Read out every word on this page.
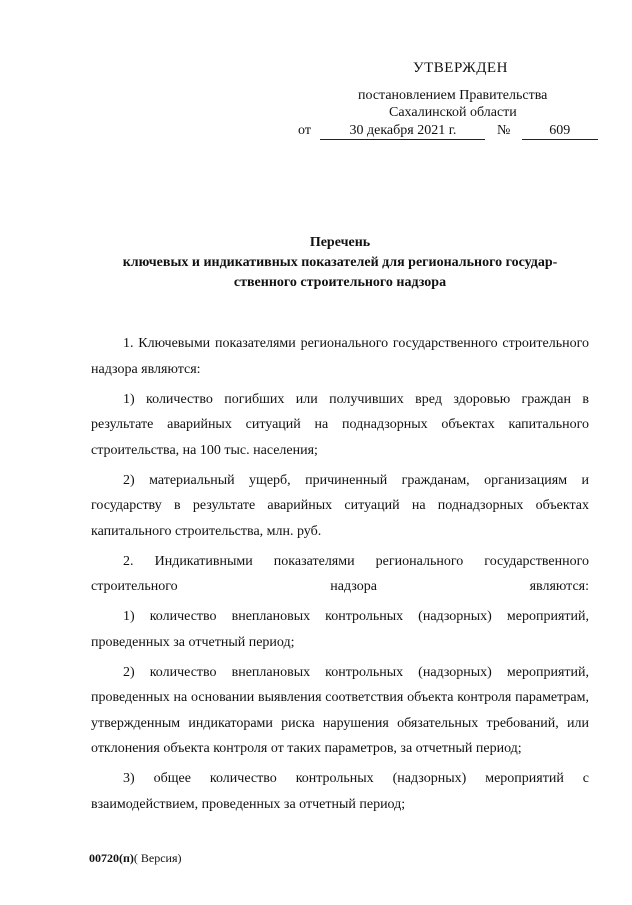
УТВЕРЖДЕН
постановлением Правительства
Сахалинской области
от	30 декабря 2021 г.	№	609
Перечень
ключевых и индикативных показателей для регионального государ-
ственного строительного надзора

1. Ключевыми показателями регионального государственного строительного надзора являются:

1) количество погибших или получивших вред здоровью граждан в результате аварийных ситуаций на поднадзорных объектах капитального строительства, на 100 тыс. населения;

2) материальный ущерб, причиненный гражданам, организациям и государству в результате аварийных ситуаций на поднадзорных объектах капитального строительства, млн. руб.

2. Индикативными показателями регионального государственного строительного надзора являются:

1) количество внеплановых контрольных (надзорных) мероприятий, проведенных за отчетный период;

2) количество внеплановых контрольных (надзорных) мероприятий, проведенных на основании выявления соответствия объекта контроля параметрам, утвержденным индикаторами риска нарушения обязательных требований, или отклонения объекта контроля от таких параметров, за отчетный период;

3) общее количество контрольных (надзорных) мероприятий с взаимодействием, проведенных за отчетный период;

00720(п)( Версия)
